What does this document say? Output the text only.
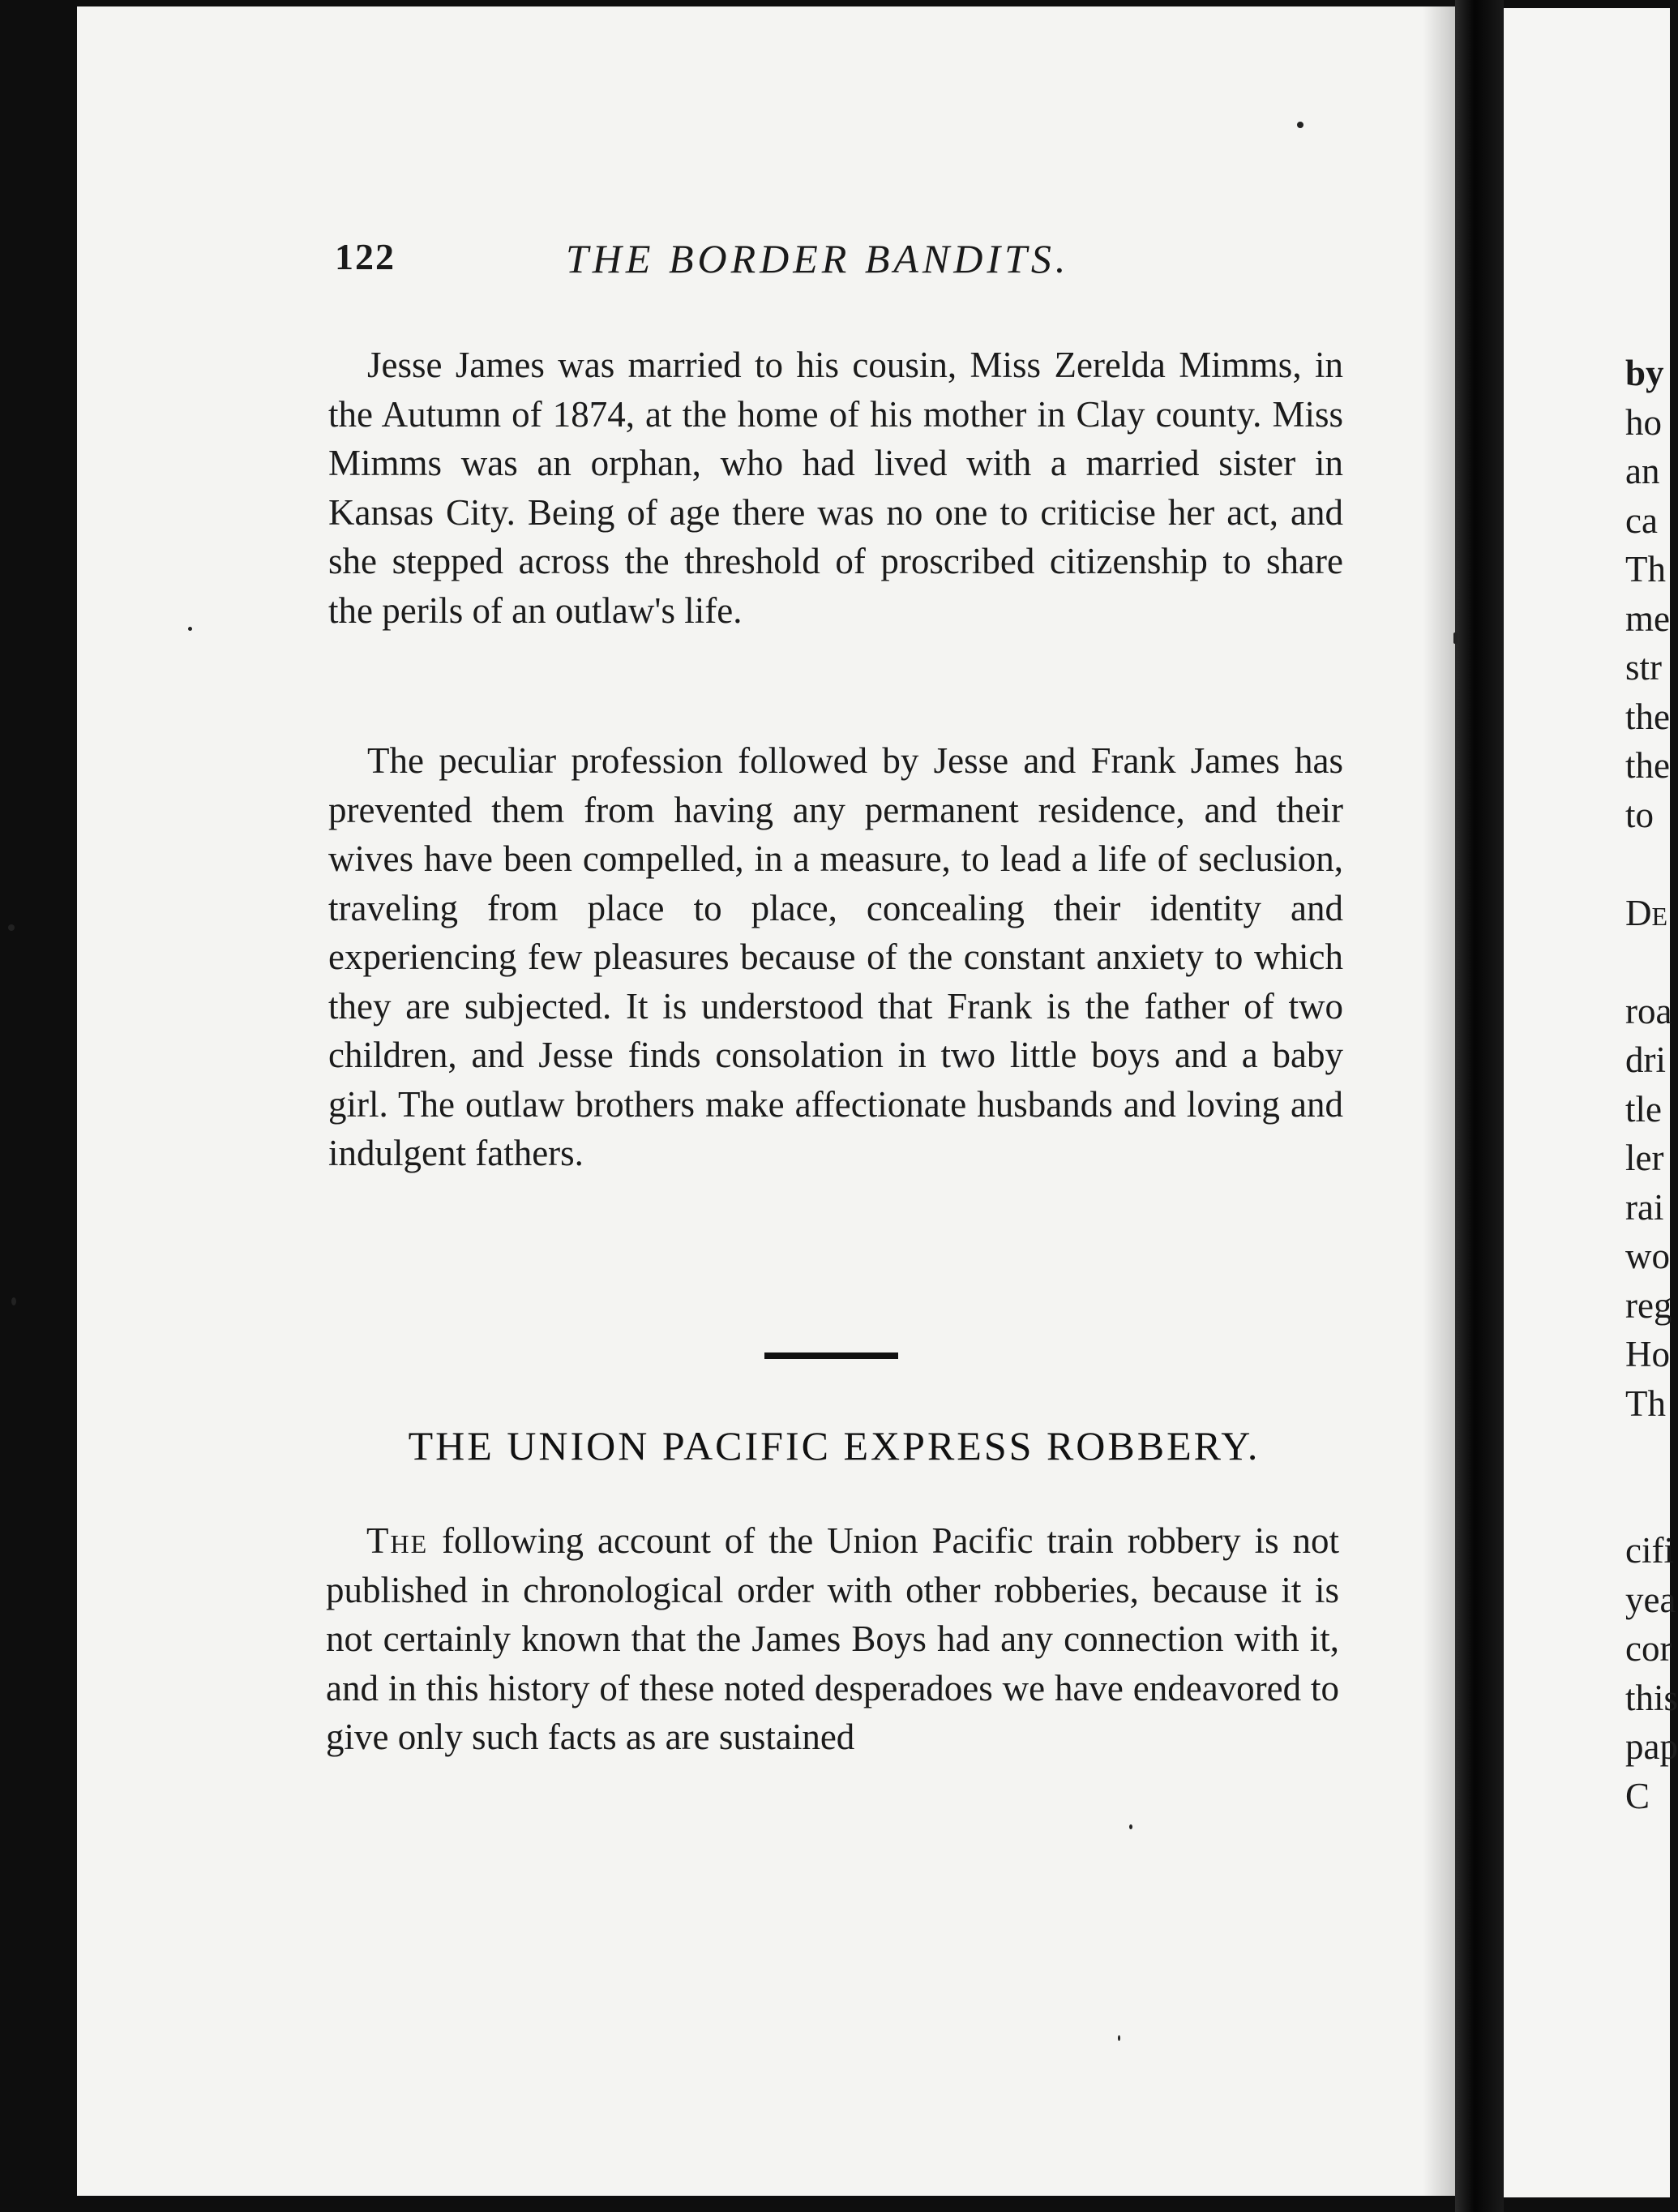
by
ho
an
ca
Th
me
str
the
the
to

De

roa
dri
tle
ler
rai
wo
reg
Ho
Th

cifi
yea
cor
this
pap
C
122	THE BORDER BANDITS.

Jesse James was married to his cousin, Miss Zerelda Mimms, in the Autumn of 1874, at the home of his mother in Clay county. Miss Mimms was an orphan, who had lived with a married sister in Kansas City. Being of age there was no one to criticise her act, and she stepped across the threshold of proscribed citizenship to share the perils of an outlaw's life.

The peculiar profession followed by Jesse and Frank James has prevented them from having any permanent residence, and their wives have been compelled, in a measure, to lead a life of seclusion, traveling from place to place, concealing their identity and experiencing few pleasures because of the constant anxiety to which they are subjected. It is understood that Frank is the father of two children, and Jesse finds consolation in two little boys and a baby girl. The outlaw brothers make affectionate husbands and loving and indulgent fathers.

THE UNION PACIFIC EXPRESS ROBBERY.

The following account of the Union Pacific train robbery is not published in chronological order with other robberies, because it is not certainly known that the James Boys had any connection with it, and in this history of these noted desperadoes we have endeavored to give only such facts as are sustained
